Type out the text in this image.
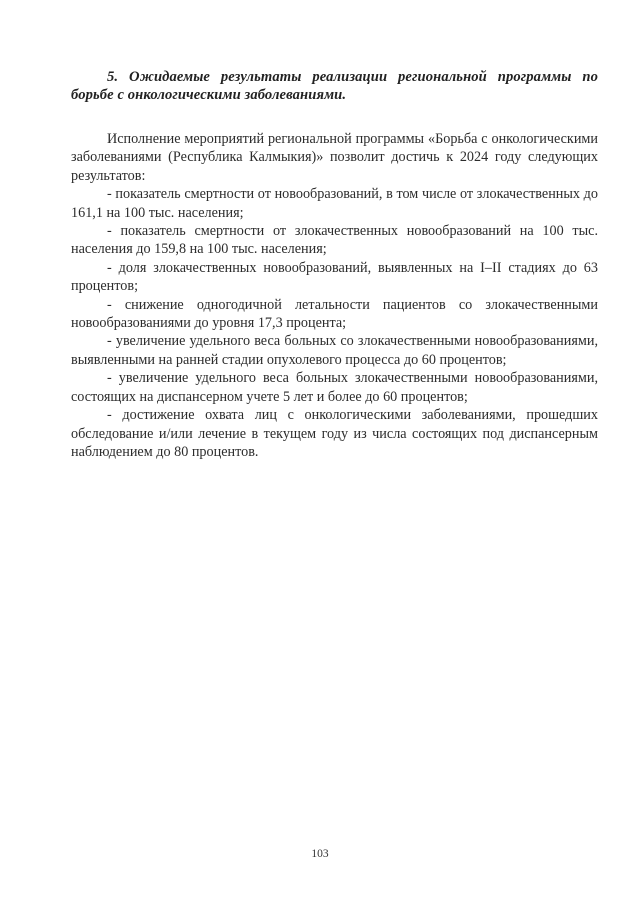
5. Ожидаемые результаты реализации региональной программы по борьбе с онкологическими заболеваниями.

Исполнение мероприятий региональной программы «Борьба с онкологическими заболеваниями (Республика Калмыкия)» позволит достичь к 2024 году следующих результатов:

- показатель смертности от новообразований, в том числе от злокачественных до 161,1 на 100 тыс. населения;

- показатель смертности от злокачественных новообразований на 100 тыс. населения до 159,8 на 100 тыс. населения;

- доля злокачественных новообразований, выявленных на I–II стадиях до 63 процентов;

- снижение одногодичной летальности пациентов со злокачественными новообразованиями до уровня 17,3 процента;

- увеличение удельного веса больных со злокачественными новообразованиями, выявленными на ранней стадии опухолевого процесса до 60 процентов;

- увеличение удельного веса больных злокачественными новообразованиями, состоящих на диспансерном учете 5 лет и более до 60 процентов;

- достижение охвата лиц с онкологическими заболеваниями, прошедших обследование и/или лечение в текущем году из числа состоящих под диспансерным наблюдением до 80 процентов.

103
